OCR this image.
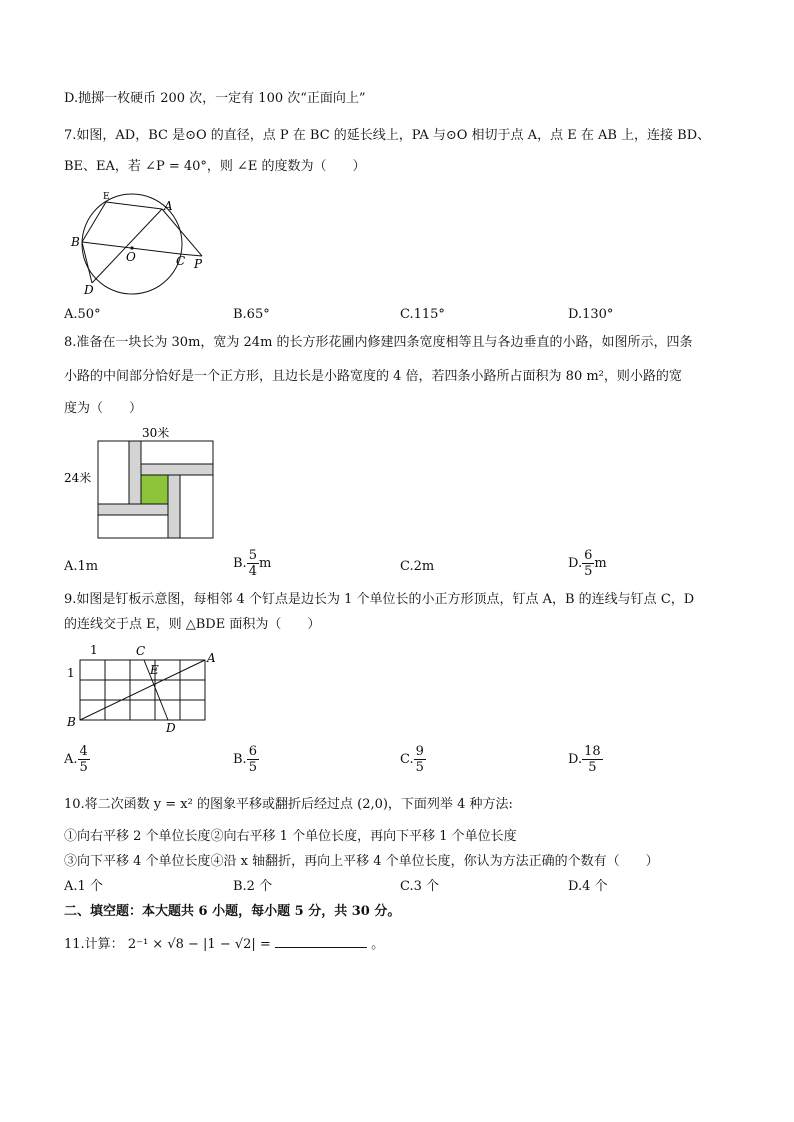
D.抛掷一枚硬币 200 次，一定有 100 次“正面向上”
7.如图，AD，BC 是⊙O 的直径，点 P 在 BC 的延长线上，PA 与⊙O 相切于点 A，点 E 在 AB 上，连接 BD、
BE、EA，若 ∠P = 40°，则 ∠E 的度数为（　　）
E
A
B
O	C P
D
A.50°	B.65°	C.115°	D.130°
8.准备在一块长为 30m，宽为 24m 的长方形花圃内修建四条宽度相等且与各边垂直的小路，如图所示，四条
小路的中间部分恰好是一个正方形，且边长是小路宽度的 4 倍，若四条小路所占面积为 80 m²，则小路的宽
度为（　　）
30米
24米
A.1m	B. $\frac{5}{4}$ m	C.2m	D. $\frac{6}{5}$ m
9.如图是钉板示意图，每相邻 4 个钉点是边长为 1 个单位长的小正方形顶点，钉点 A，B 的连线与钉点 C，D
的连线交于点 E，则 △BDE 面积为（　　）
1
1
C
E
A
B	D
A. $\frac{4}{5}$	B. $\frac{6}{5}$	C. $\frac{9}{5}$	D. $\frac{18}{5}$
10.将二次函数 y = x² 的图象平移或翻折后经过点 (2,0)，下面列举 4 种方法:
①向右平移 2 个单位长度②向右平移 1 个单位长度，再向下平移 1 个单位长度
③向下平移 4 个单位长度④沿 x 轴翻折，再向上平移 4 个单位长度，你认为方法正确的个数有（　　）
A.1 个	B.2 个	C.3 个	D.4 个
二、填空题：本大题共 6 小题，每小题 5 分，共 30 分。
11.计算： 2⁻¹ × √8 − |1 − √2| =	。
